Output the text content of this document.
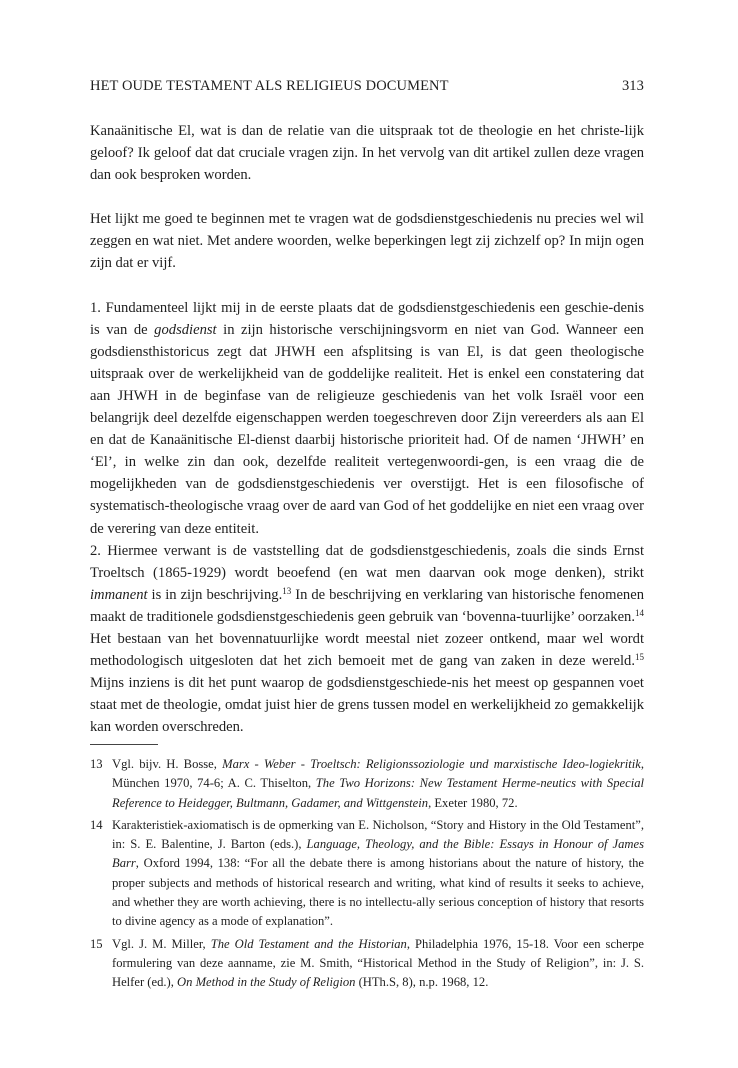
HET OUDE TESTAMENT ALS RELIGIEUS DOCUMENT	313

Kanaänitische El, wat is dan de relatie van die uitspraak tot de theologie en het christe-lijk geloof? Ik geloof dat dat cruciale vragen zijn. In het vervolg van dit artikel zullen deze vragen dan ook besproken worden.

Het lijkt me goed te beginnen met te vragen wat de godsdienstgeschiedenis nu precies wel wil zeggen en wat niet. Met andere woorden, welke beperkingen legt zij zichzelf op? In mijn ogen zijn dat er vijf.

1. Fundamenteel lijkt mij in de eerste plaats dat de godsdienstgeschiedenis een geschie-denis is van de godsdienst in zijn historische verschijningsvorm en niet van God. Wanneer een godsdiensthistoricus zegt dat JHWH een afsplitsing is van El, is dat geen theologische uitspraak over de werkelijkheid van de goddelijke realiteit. Het is enkel een constatering dat aan JHWH in de beginfase van de religieuze geschiedenis van het volk Israël voor een belangrijk deel dezelfde eigenschappen werden toegeschreven door Zijn vereerders als aan El en dat de Kanaänitische El-dienst daarbij historische prioriteit had. Of de namen ‘JHWH’ en ‘El’, in welke zin dan ook, dezelfde realiteit vertegenwoordi-gen, is een vraag die de mogelijkheden van de godsdienstgeschiedenis ver overstijgt. Het is een filosofische of systematisch-theologische vraag over de aard van God of het goddelijke en niet een vraag over de verering van deze entiteit.

2. Hiermee verwant is de vaststelling dat de godsdienstgeschiedenis, zoals die sinds Ernst Troeltsch (1865-1929) wordt beoefend (en wat men daarvan ook moge denken), strikt immanent is in zijn beschrijving.$^{13}$ In de beschrijving en verklaring van historische fenomenen maakt de traditionele godsdienstgeschiedenis geen gebruik van ‘bovenna-tuurlijke’ oorzaken.$^{14}$ Het bestaan van het bovennatuurlijke wordt meestal niet zozeer ontkend, maar wel wordt methodologisch uitgesloten dat het zich bemoeit met de gang van zaken in deze wereld.$^{15}$ Mijns inziens is dit het punt waarop de godsdienstgeschiede-nis het meest op gespannen voet staat met de theologie, omdat juist hier de grens tussen model en werkelijkheid zo gemakkelijk kan worden overschreden.

13 Vgl. bijv. H. Bosse, Marx - Weber - Troeltsch: Religionssoziologie und marxistische Ideo-logiekritik, München 1970, 74-6; A. C. Thiselton, The Two Horizons: New Testament Herme-neutics with Special Reference to Heidegger, Bultmann, Gadamer, and Wittgenstein, Exeter 1980, 72.
14 Karakteristiek-axiomatisch is de opmerking van E. Nicholson, “Story and History in the Old Testament”, in: S. E. Balentine, J. Barton (eds.), Language, Theology, and the Bible: Essays in Honour of James Barr, Oxford 1994, 138: “For all the debate there is among historians about the nature of history, the proper subjects and methods of historical research and writing, what kind of results it seeks to achieve, and whether they are worth achieving, there is no intellectu-ally serious conception of history that resorts to divine agency as a mode of explanation”.
15 Vgl. J. M. Miller, The Old Testament and the Historian, Philadelphia 1976, 15-18. Voor een scherpe formulering van deze aanname, zie M. Smith, “Historical Method in the Study of Religion”, in: J. S. Helfer (ed.), On Method in the Study of Religion (HTh.S, 8), n.p. 1968, 12.
